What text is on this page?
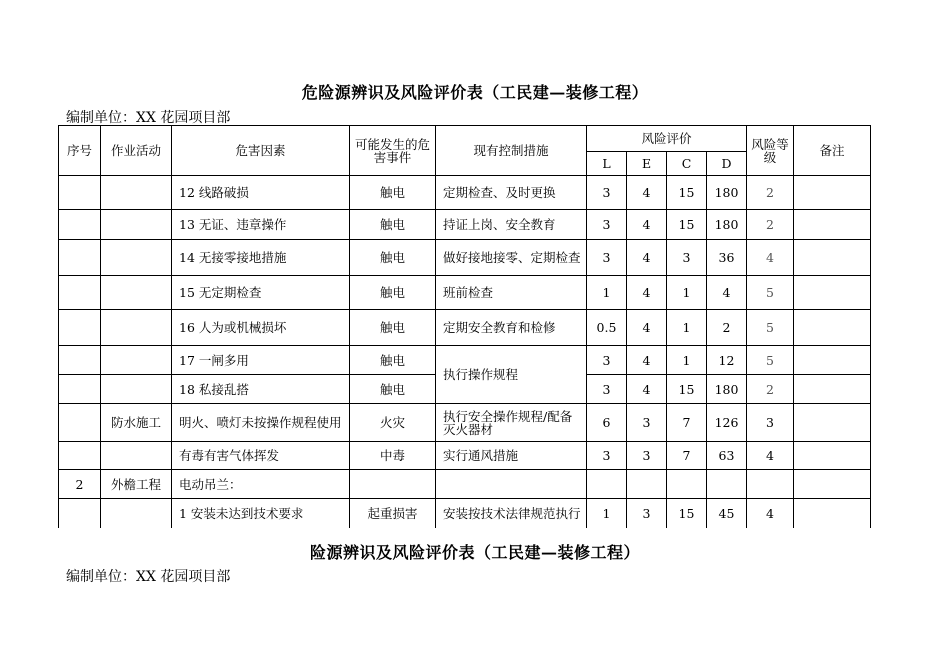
危险源辨识及风险评价表（工民建—装修工程）
编制单位：XX 花园项目部
序号	作业活动	危害因素	可能发生的危害事件	现有控制措施	风险评价				风险等级	备注
					L	E	C	D		
		12 线路破损	触电	定期检查、及时更换	3	4	15	180	2	
		13 无证、违章操作	触电	持证上岗、安全教育	3	4	15	180	2	
		14 无接零接地措施	触电	做好接地接零、定期检查	3	4	3	36	4	
		15 无定期检查	触电	班前检查	1	4	1	4	5	
		16 人为或机械损坏	触电	定期安全教育和检修	0.5	4	1	2	5	
		17 一闸多用	触电	执行操作规程	3	4	1	12	5	
		18 私接乱搭	触电		3	4	15	180	2	
	防水施工	明火、喷灯未按操作规程使用	火灾	执行安全操作规程/配备灭火器材	6	3	7	126	3	
		有毒有害气体挥发	中毒	实行通风措施	3	3	7	63	4	
2	外檐工程	电动吊兰：								
		1 安装未达到技术要求	起重损害	安装按技术法律规范执行	1	3	15	45	4	
险源辨识及风险评价表（工民建—装修工程）
编制单位：XX 花园项目部
